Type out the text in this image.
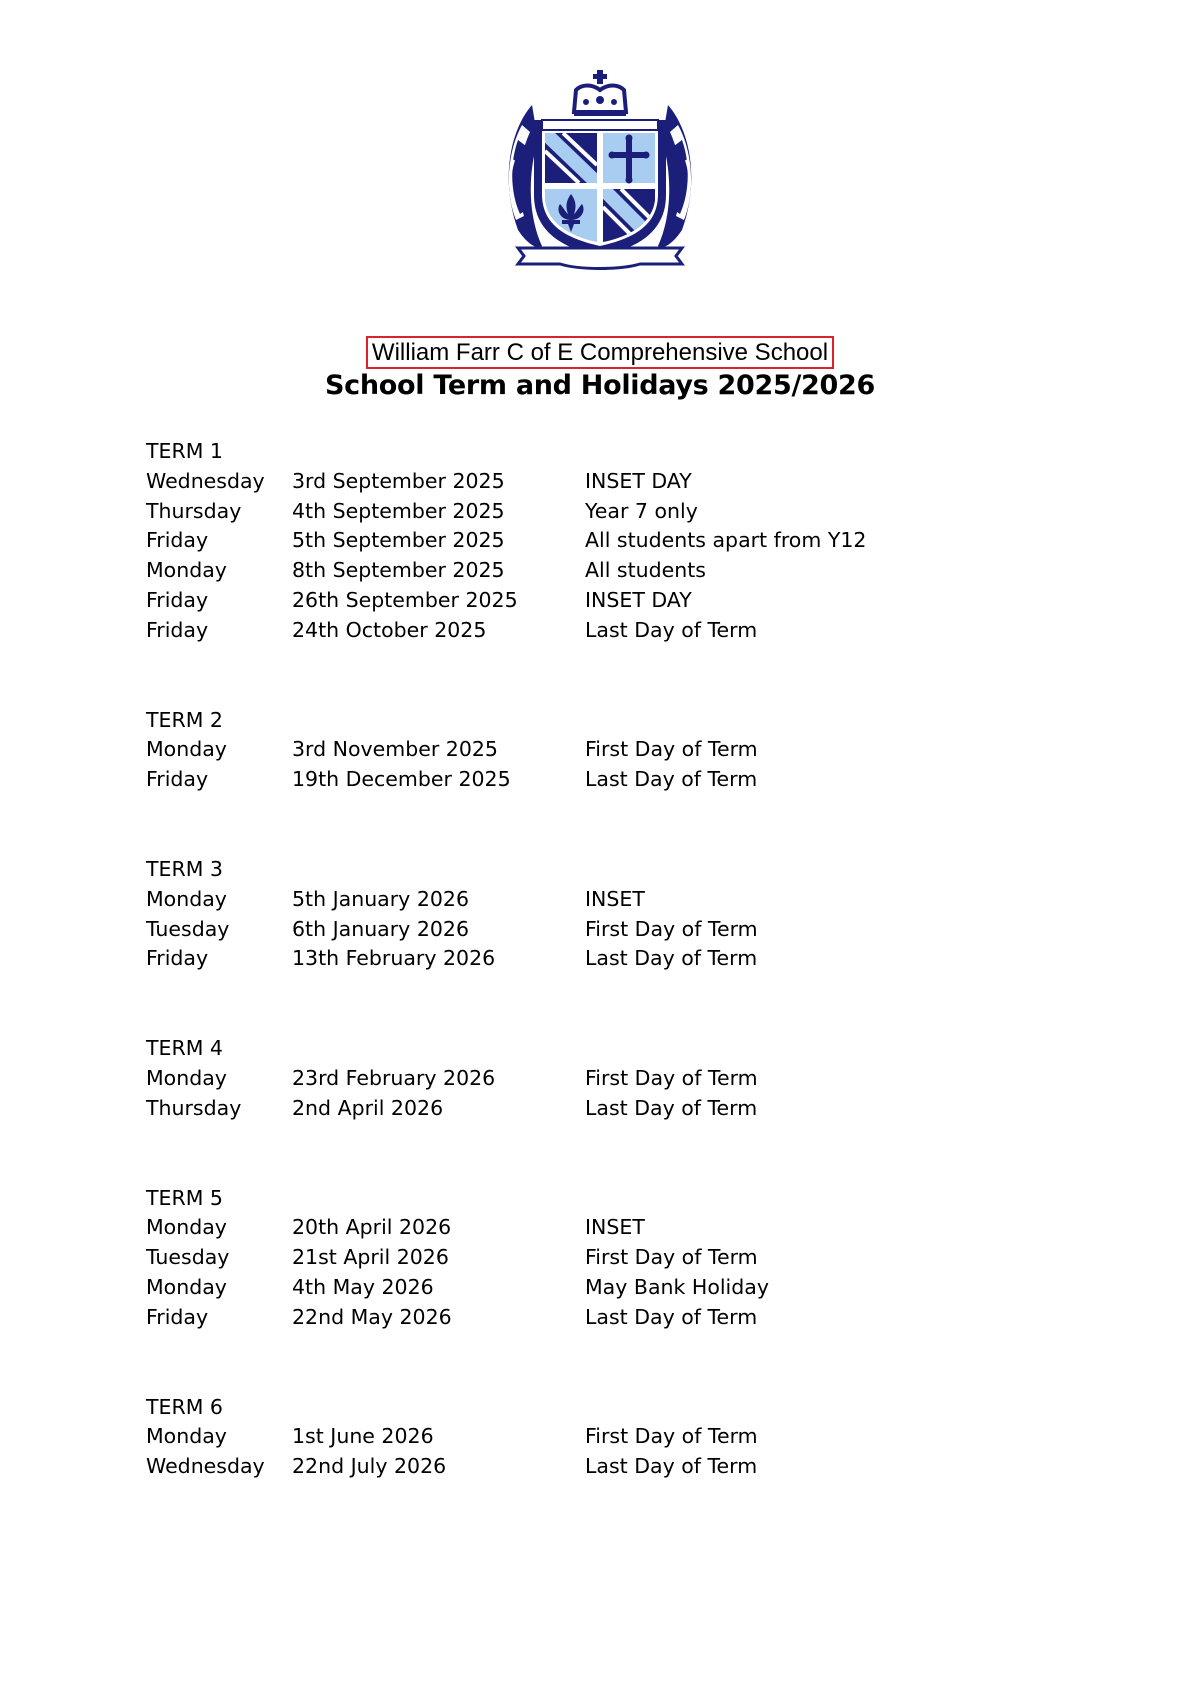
William Farr C of E Comprehensive School
School Term and Holidays 2025/2026
TERM 1
Wednesday 3rd September 2025	INSET DAY
Thursday 4th September 2025	Year 7 only
Friday	5th September 2025	All students apart from Y12
Monday	8th September 2025	All students
Friday	26th September 2025	INSET DAY
Friday	24th October 2025	Last Day of Term
TERM 2
Monday	3rd November 2025	First Day of Term
Friday	19th December 2025	Last Day of Term
TERM 3
Monday	5th January 2026	INSET
Tuesday	6th January 2026	First Day of Term
Friday	13th February 2026	Last Day of Term
TERM 4
Monday	23rd February 2026	First Day of Term
Thursday 2nd April 2026	Last Day of Term
TERM 5
Monday	20th April 2026	INSET
Tuesday	21st April 2026	First Day of Term
Monday	4th May 2026	May Bank Holiday
Friday	22nd May 2026	Last Day of Term
TERM 6
Monday	1st June 2026	First Day of Term
Wednesday 22nd July 2026	Last Day of Term
